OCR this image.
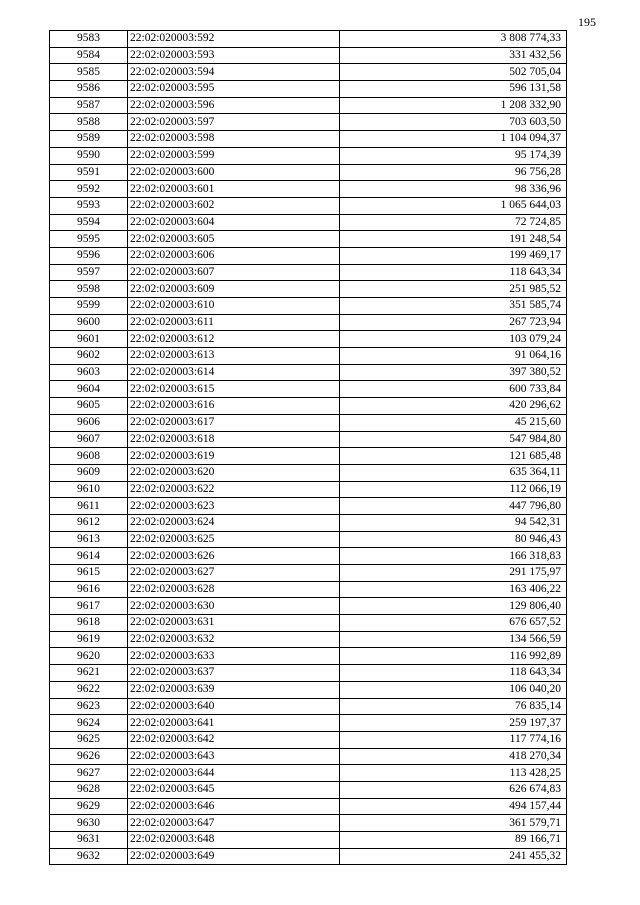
195
9583	22:02:020003:592	3 808 774,33
9584	22:02:020003:593	331 432,56
9585	22:02:020003:594	502 705,04
9586	22:02:020003:595	596 131,58
9587	22:02:020003:596	1 208 332,90
9588	22:02:020003:597	703 603,50
9589	22:02:020003:598	1 104 094,37
9590	22:02:020003:599	95 174,39
9591	22:02:020003:600	96 756,28
9592	22:02:020003:601	98 336,96
9593	22:02:020003:602	1 065 644,03
9594	22:02:020003:604	72 724,85
9595	22:02:020003:605	191 248,54
9596	22:02:020003:606	199 469,17
9597	22:02:020003:607	118 643,34
9598	22:02:020003:609	251 985,52
9599	22:02:020003:610	351 585,74
9600	22:02:020003:611	267 723,94
9601	22:02:020003:612	103 079,24
9602	22:02:020003:613	91 064,16
9603	22:02:020003:614	397 380,52
9604	22:02:020003:615	600 733,84
9605	22:02:020003:616	420 296,62
9606	22:02:020003:617	45 215,60
9607	22:02:020003:618	547 984,80
9608	22:02:020003:619	121 685,48
9609	22:02:020003:620	635 364,11
9610	22:02:020003:622	112 066,19
9611	22:02:020003:623	447 796,80
9612	22:02:020003:624	94 542,31
9613	22:02:020003:625	80 946,43
9614	22:02:020003:626	166 318,83
9615	22:02:020003:627	291 175,97
9616	22:02:020003:628	163 406,22
9617	22:02:020003:630	129 806,40
9618	22:02:020003:631	676 657,52
9619	22:02:020003:632	134 566,59
9620	22:02:020003:633	116 992,89
9621	22:02:020003:637	118 643,34
9622	22:02:020003:639	106 040,20
9623	22:02:020003:640	76 835,14
9624	22:02:020003:641	259 197,37
9625	22:02:020003:642	117 774,16
9626	22:02:020003:643	418 270,34
9627	22:02:020003:644	113 428,25
9628	22:02:020003:645	626 674,83
9629	22:02:020003:646	494 157,44
9630	22:02:020003:647	361 579,71
9631	22:02:020003:648	89 166,71
9632	22:02:020003:649	241 455,32
